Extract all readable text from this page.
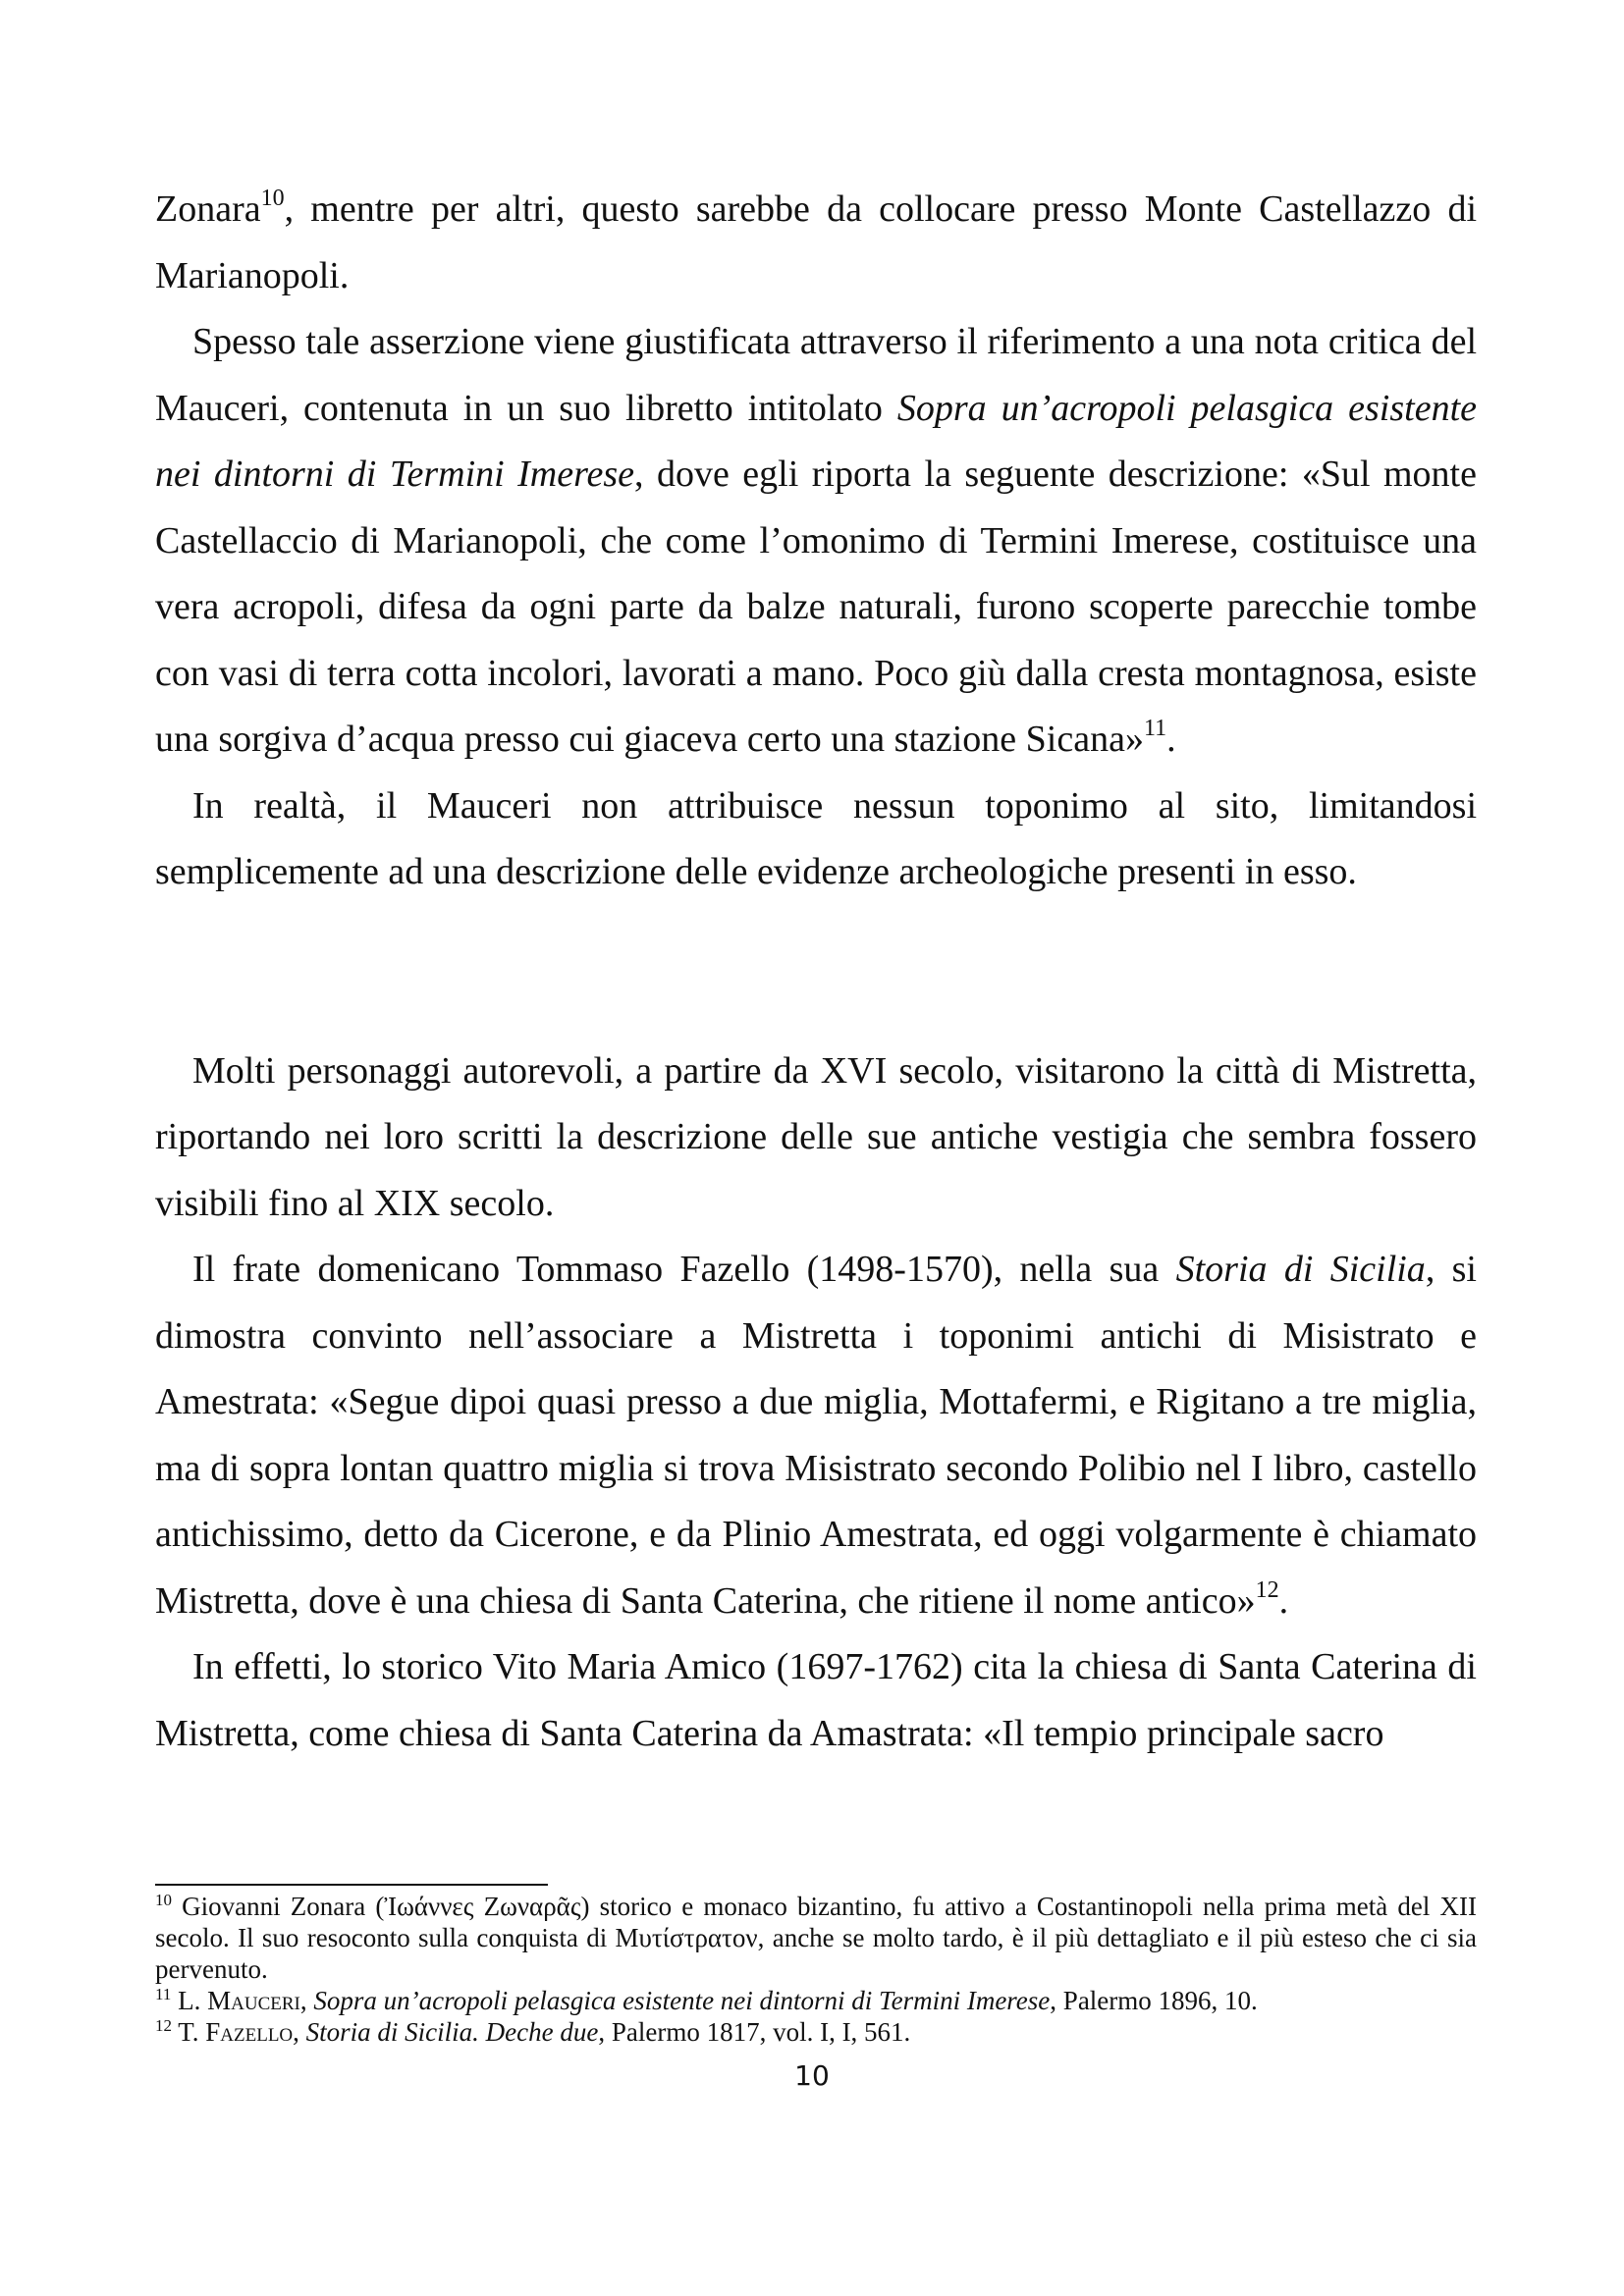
Zonara$^{10}$, mentre per altri, questo sarebbe da collocare presso Monte Castellazzo di Marianopoli.

Spesso tale asserzione viene giustificata attraverso il riferimento a una nota critica del Mauceri, contenuta in un suo libretto intitolato Sopra un’acropoli pelasgica esistente nei dintorni di Termini Imerese, dove egli riporta la seguente descrizione: «Sul monte Castellaccio di Marianopoli, che come l’omonimo di Termini Imerese, costituisce una vera acropoli, difesa da ogni parte da balze naturali, furono scoperte parecchie tombe con vasi di terra cotta incolori, lavorati a mano. Poco giù dalla cresta montagnosa, esiste una sorgiva d’acqua presso cui giaceva certo una stazione Sicana»$^{11}$.

In realtà, il Mauceri non attribuisce nessun toponimo al sito, limitandosi semplicemente ad una descrizione delle evidenze archeologiche presenti in esso.

Molti personaggi autorevoli, a partire da XVI secolo, visitarono la città di Mistretta, riportando nei loro scritti la descrizione delle sue antiche vestigia che sembra fossero visibili fino al XIX secolo.

Il frate domenicano Tommaso Fazello (1498-1570), nella sua Storia di Sicilia, si dimostra convinto nell’associare a Mistretta i toponimi antichi di Misistrato e Amestrata: «Segue dipoi quasi presso a due miglia, Mottafermi, e Rigitano a tre miglia, ma di sopra lontan quattro miglia si trova Misistrato secondo Polibio nel I libro, castello antichissimo, detto da Cicerone, e da Plinio Amestrata, ed oggi volgarmente è chiamato Mistretta, dove è una chiesa di Santa Caterina, che ritiene il nome antico»$^{12}$.

In effetti, lo storico Vito Maria Amico (1697-1762) cita la chiesa di Santa Caterina di Mistretta, come chiesa di Santa Caterina da Amastrata: «Il tempio principale sacro

$^{10}$ Giovanni Zonara (Ἰωάννες Ζωναρᾶς) storico e monaco bizantino, fu attivo a Costantinopoli nella prima metà del XII secolo. Il suo resoconto sulla conquista di Μυτίστρατον, anche se molto tardo, è il più dettagliato e il più esteso che ci sia pervenuto.

$^{11}$ L. Mauceri, Sopra un’acropoli pelasgica esistente nei dintorni di Termini Imerese, Palermo 1896, 10.

$^{12}$ T. Fazello, Storia di Sicilia. Deche due, Palermo 1817, vol. I, I, 561.

10
